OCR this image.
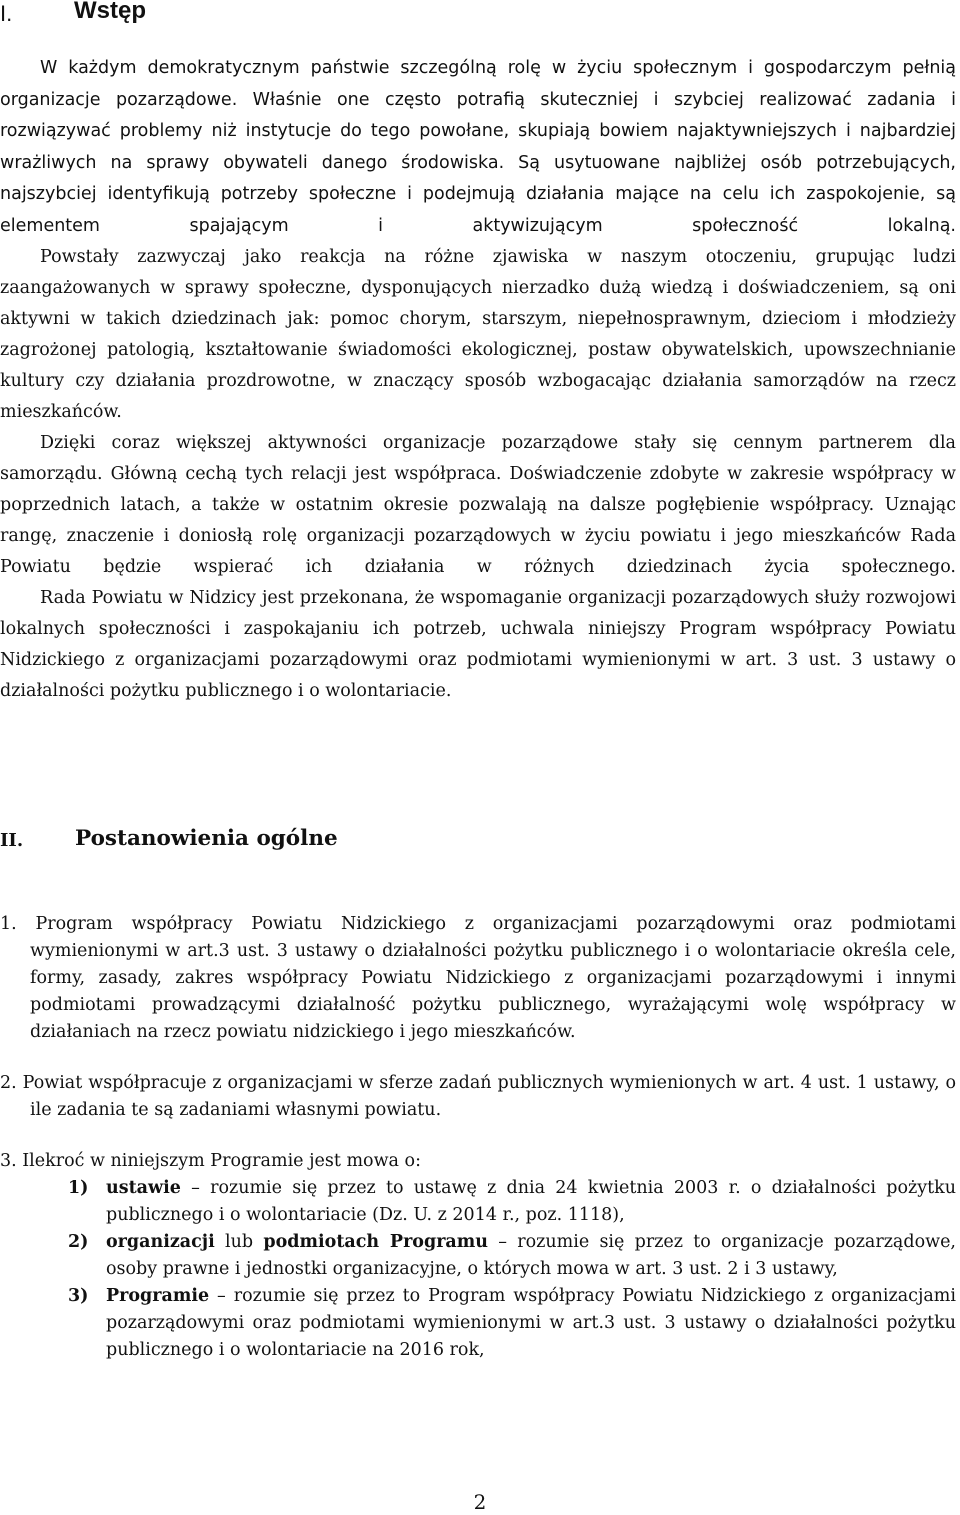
I.	Wstęp

W każdym demokratycznym państwie szczególną rolę w życiu społecznym i gospodarczym pełnią organizacje pozarządowe. Właśnie one często potrafią skuteczniej i szybciej realizować zadania i rozwiązywać problemy niż instytucje do tego powołane, skupiają bowiem najaktywniejszych i najbardziej wrażliwych na sprawy obywateli danego środowiska. Są usytuowane najbliżej osób potrzebujących, najszybciej identyfikują potrzeby społeczne i podejmują działania mające na celu ich zaspokojenie, są elementem spajającym i aktywizującym społeczność lokalną.

Powstały zazwyczaj jako reakcja na różne zjawiska w naszym otoczeniu, grupując ludzi zaangażowanych w sprawy społeczne, dysponujących nierzadko dużą wiedzą i doświadczeniem, są oni aktywni w takich dziedzinach jak: pomoc chorym, starszym, niepełnosprawnym, dzieciom i młodzieży zagrożonej patologią, kształtowanie świadomości ekologicznej, postaw obywatelskich, upowszechnianie kultury czy działania prozdrowotne, w znaczący sposób wzbogacając działania samorządów na rzecz mieszkańców.

Dzięki coraz większej aktywności organizacje pozarządowe stały się cennym partnerem dla samorządu. Główną cechą tych relacji jest współpraca. Doświadczenie zdobyte w zakresie współpracy w poprzednich latach, a także w ostatnim okresie pozwalają na dalsze pogłębienie współpracy. Uznając rangę, znaczenie i doniosłą rolę organizacji pozarządowych w życiu powiatu i jego mieszkańców Rada Powiatu będzie wspierać ich działania w różnych dziedzinach życia społecznego.

Rada Powiatu w Nidzicy jest przekonana, że wspomaganie organizacji pozarządowych służy rozwojowi lokalnych społeczności i zaspokajaniu ich potrzeb, uchwala niniejszy Program współpracy Powiatu Nidzickiego z organizacjami pozarządowymi oraz podmiotami wymienionymi w art. 3 ust. 3 ustawy o działalności pożytku publicznego i o wolontariacie.

II. Postanowienia ogólne

1. Program współpracy Powiatu Nidzickiego z organizacjami pozarządowymi oraz podmiotami wymienionymi w art.3 ust. 3 ustawy o działalności pożytku publicznego i o wolontariacie określa cele, formy, zasady, zakres współpracy Powiatu Nidzickiego z organizacjami pozarządowymi i innymi podmiotami prowadzącymi działalność pożytku publicznego, wyrażającymi wolę współpracy w działaniach na rzecz powiatu nidzickiego i jego mieszkańców.

2. Powiat współpracuje z organizacjami w sferze zadań publicznych wymienionych w art. 4 ust. 1 ustawy, o ile zadania te są zadaniami własnymi powiatu.

3. Ilekroć w niniejszym Programie jest mowa o:

1) ustawie – rozumie się przez to ustawę z dnia 24 kwietnia 2003 r. o działalności pożytku publicznego i o wolontariacie (Dz. U. z 2014 r., poz. 1118),
2) organizacji lub podmiotach Programu – rozumie się przez to organizacje pozarządowe, osoby prawne i jednostki organizacyjne, o których mowa w art. 3 ust. 2 i 3 ustawy,
3) Programie – rozumie się przez to Program współpracy Powiatu Nidzickiego z organizacjami pozarządowymi oraz podmiotami wymienionymi w art.3 ust. 3 ustawy o działalności pożytku publicznego i o wolontariacie na 2016 rok,
2
